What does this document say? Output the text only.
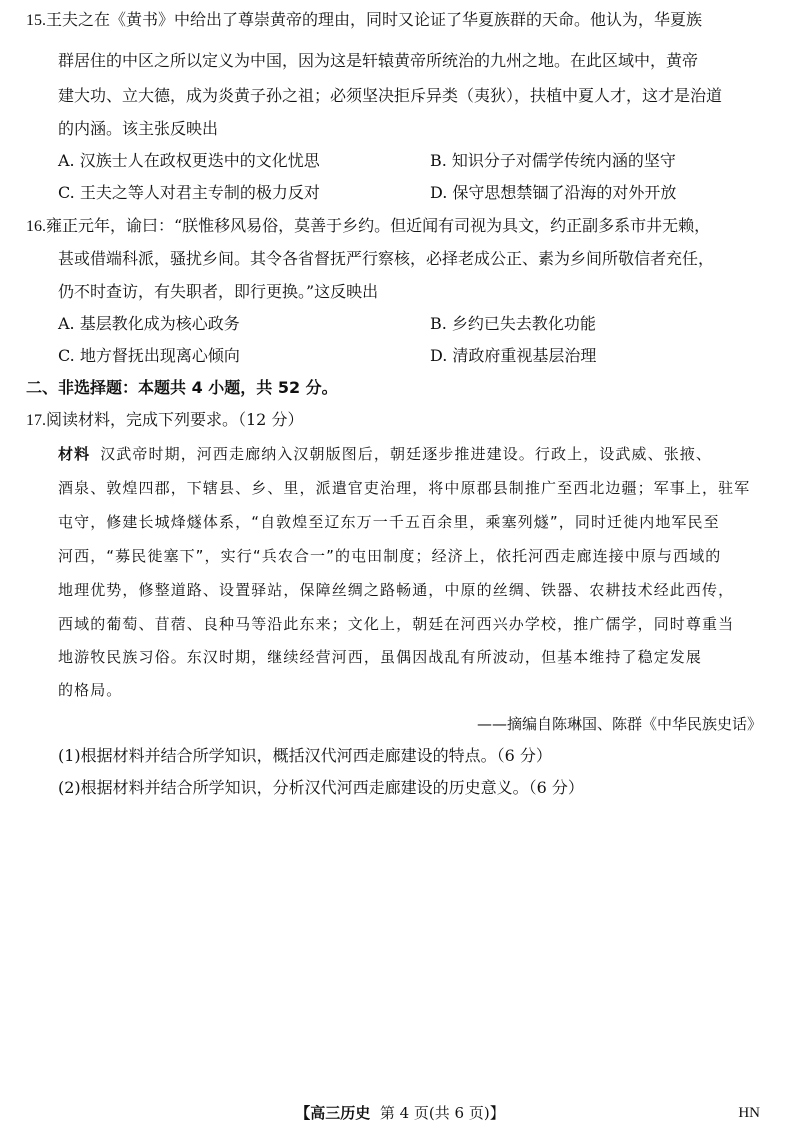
15.王夫之在《黄书》中给出了尊崇黄帝的理由，同时又论证了华夏族群的天命。他认为，华夏族
群居住的中区之所以定义为中国，因为这是轩辕黄帝所统治的九州之地。在此区域中，黄帝
建大功、立大德，成为炎黄子孙之祖；必须坚决拒斥异类（夷狄），扶植中夏人才，这才是治道
的内涵。该主张反映出
A. 汉族士人在政权更迭中的文化忧思	B. 知识分子对儒学传统内涵的坚守
C. 王夫之等人对君主专制的极力反对	D. 保守思想禁锢了沿海的对外开放
16.雍正元年，谕曰：“朕惟移风易俗，莫善于乡约。但近闻有司视为具文，约正副多系市井无赖，
甚或借端科派，骚扰乡间。其令各省督抚严行察核，必择老成公正、素为乡间所敬信者充任，
仍不时查访，有失职者，即行更换。”这反映出
A. 基层教化成为核心政务	B. 乡约已失去教化功能
C. 地方督抚出现离心倾向	D. 清政府重视基层治理
二、非选择题：本题共 4 小题，共 52 分。
17.阅读材料，完成下列要求。（12 分）
材料 汉武帝时期，河西走廊纳入汉朝版图后，朝廷逐步推进建设。行政上，设武威、张掖、
酒泉、敦煌四郡，下辖县、乡、里，派遣官吏治理，将中原郡县制推广至西北边疆；军事上，驻军
屯守，修建长城烽燧体系，“自敦煌至辽东万一千五百余里，乘塞列燧”，同时迁徙内地军民至
河西，“募民徙塞下”，实行“兵农合一”的屯田制度；经济上，依托河西走廊连接中原与西域的
地理优势，修整道路、设置驿站，保障丝绸之路畅通，中原的丝绸、铁器、农耕技术经此西传，
西域的葡萄、苜蓿、良种马等沿此东来；文化上，朝廷在河西兴办学校，推广儒学，同时尊重当
地游牧民族习俗。东汉时期，继续经营河西，虽偶因战乱有所波动，但基本维持了稳定发展
的格局。
——摘编自陈琳国、陈群《中华民族史话》
(1)根据材料并结合所学知识，概括汉代河西走廊建设的特点。（6 分）
(2)根据材料并结合所学知识，分析汉代河西走廊建设的历史意义。（6 分）
【高三历史 第 4 页(共 6 页)】	HN
